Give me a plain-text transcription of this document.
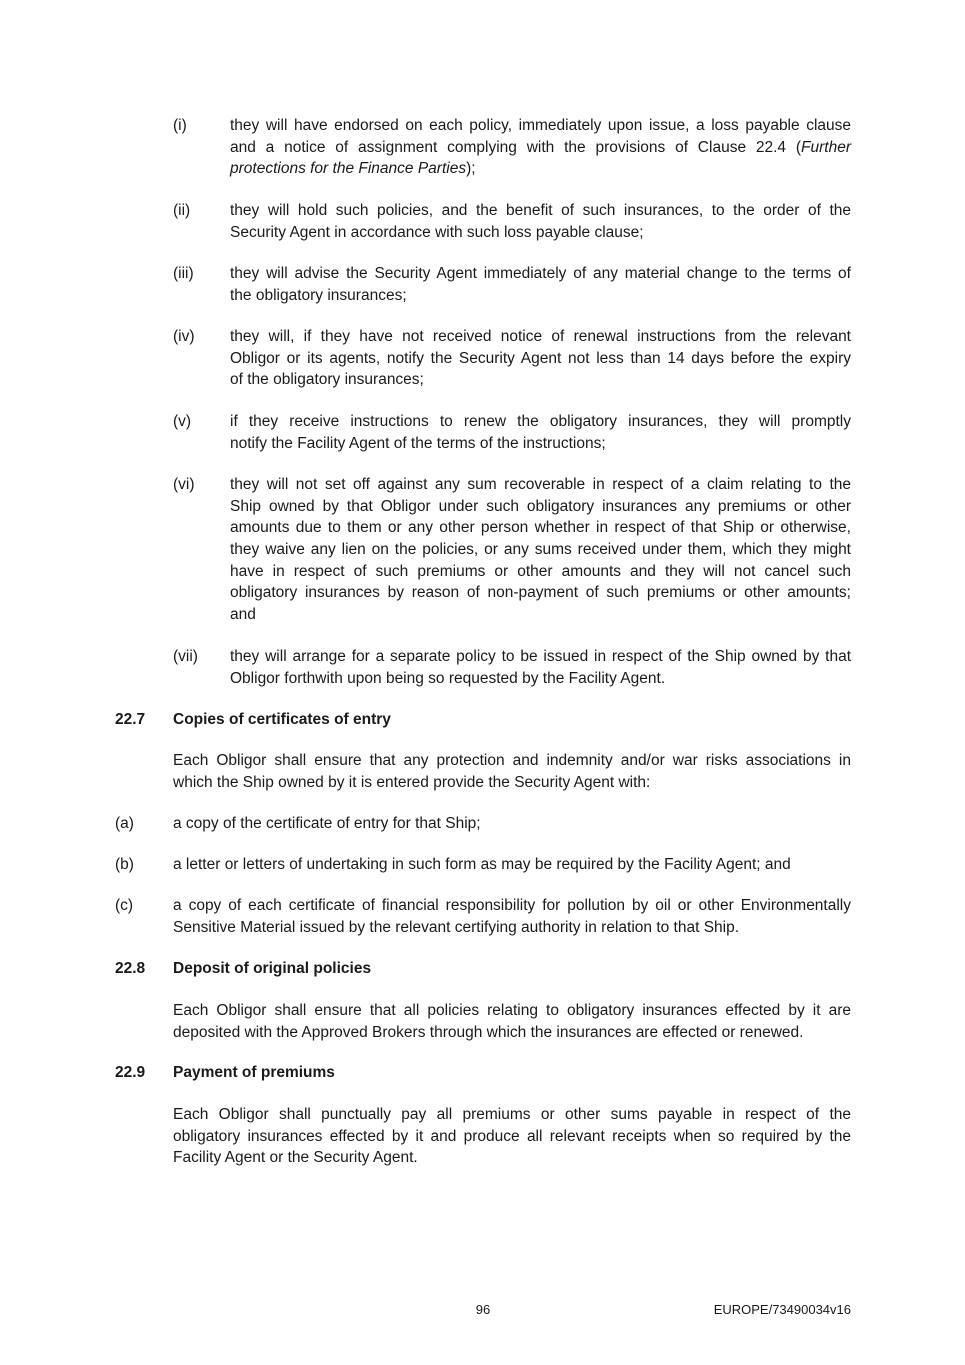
(i)	they will have endorsed on each policy, immediately upon issue, a loss payable clause
and a notice of assignment complying with the provisions of Clause 22.4 (Further
protections for the Finance Parties);
(ii)	they will hold such policies, and the benefit of such insurances, to the order of the
Security Agent in accordance with such loss payable clause;
(iii) they will advise the Security Agent immediately of any material change to the terms of
the obligatory insurances;
(iv) they will, if they have not received notice of renewal instructions from the relevant
Obligor or its agents, notify the Security Agent not less than 14 days before the expiry
of the obligatory insurances;
(v)	if they receive instructions to renew the obligatory insurances, they will promptly
notify the Facility Agent of the terms of the instructions;
(vi) they will not set off against any sum recoverable in respect of a claim relating to the
Ship owned by that Obligor under such obligatory insurances any premiums or other
amounts due to them or any other person whether in respect of that Ship or otherwise,
they waive any lien on the policies, or any sums received under them, which they might
have in respect of such premiums or other amounts and they will not cancel such
obligatory insurances by reason of non-payment of such premiums or other amounts;
and
(vii) they will arrange for a separate policy to be issued in respect of the Ship owned by that
Obligor forthwith upon being so requested by the Facility Agent.
22.7 Copies of certificates of entry
Each Obligor shall ensure that any protection and indemnity and/or war risks associations in
which the Ship owned by it is entered provide the Security Agent with:
(a)	a copy of the certificate of entry for that Ship;
(b)	a letter or letters of undertaking in such form as may be required by the Facility Agent; and
(c)	a copy of each certificate of financial responsibility for pollution by oil or other Environmentally
Sensitive Material issued by the relevant certifying authority in relation to that Ship.
22.8 Deposit of original policies
Each Obligor shall ensure that all policies relating to obligatory insurances effected by it are
deposited with the Approved Brokers through which the insurances are effected or renewed.
22.9 Payment of premiums
Each Obligor shall punctually pay all premiums or other sums payable in respect of the
obligatory insurances effected by it and produce all relevant receipts when so required by the
Facility Agent or the Security Agent.
96	EUROPE/73490034v16
